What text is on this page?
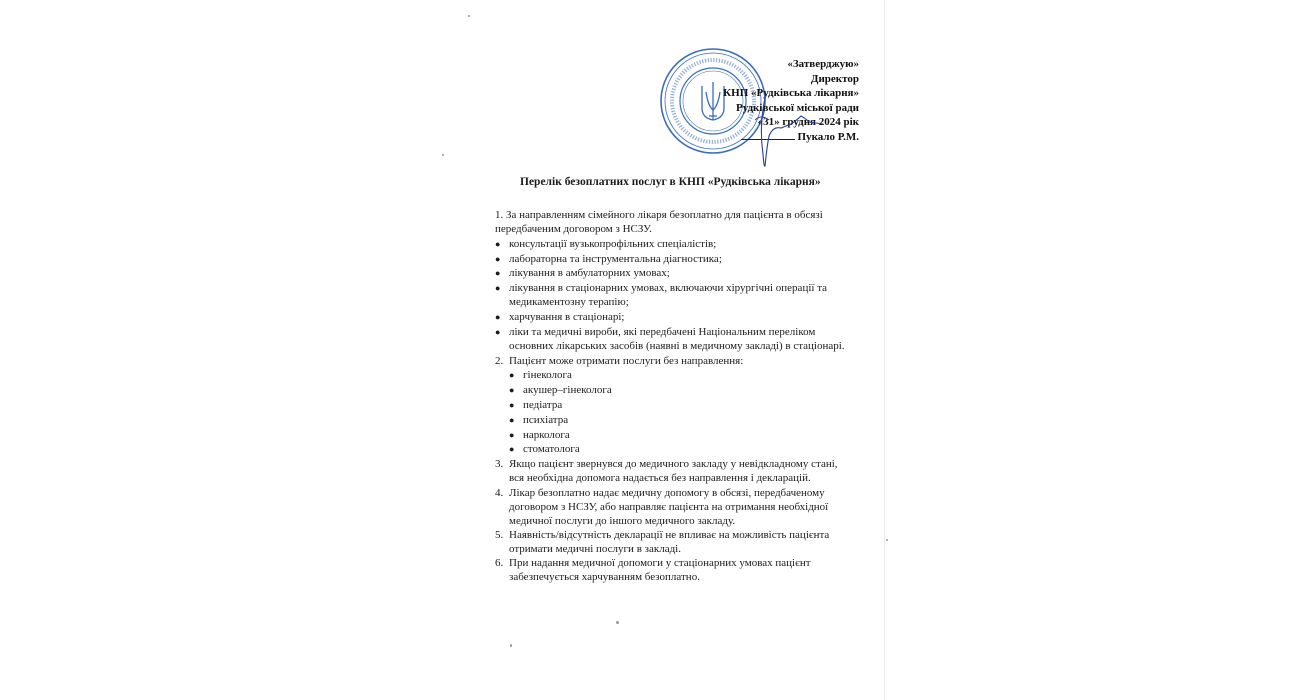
«Затверджую»
Директор
КНП «Рудківська лікарня»
Рудківської міської ради
«31» грудня 2024 рік
Пукало Р.М.
Перелік безоплатних послуг в КНП «Рудківська лікарня»
1. За направленням сімейного лікаря безоплатно для пацієнта в обсязі
передбаченим договором з НСЗУ.
● консультації вузькопрофільних спеціалістів;
● лабораторна та інструментальна діагностика;
● лікування в амбулаторних умовах;
● лікування в стаціонарних умовах, включаючи хірургічні операції та
медикаментозну терапію;
● харчування в стаціонарі;
● ліки та медичні вироби, які передбачені Національним переліком
основних лікарських засобів (наявні в медичному закладі) в стаціонарі.
2. Пацієнт може отримати послуги без направлення:
● гінеколога
● акушер–гінеколога
● педіатра
● психіатра
● нарколога
● стоматолога
3. Якщо пацієнт звернувся до медичного закладу у невідкладному стані,
вся необхідна допомога надається без направлення і декларацій.
4. Лікар безоплатно надає медичну допомогу в обсязі, передбаченому
договором з НСЗУ, або направляє пацієнта на отримання необхідної
медичної послуги до іншого медичного закладу.
5. Наявність/відсутність декларації не впливає на можливість пацієнта
отримати медичні послуги в закладі.
6. При надання медичної допомоги у стаціонарних умовах пацієнт
забезпечується харчуванням безоплатно.
